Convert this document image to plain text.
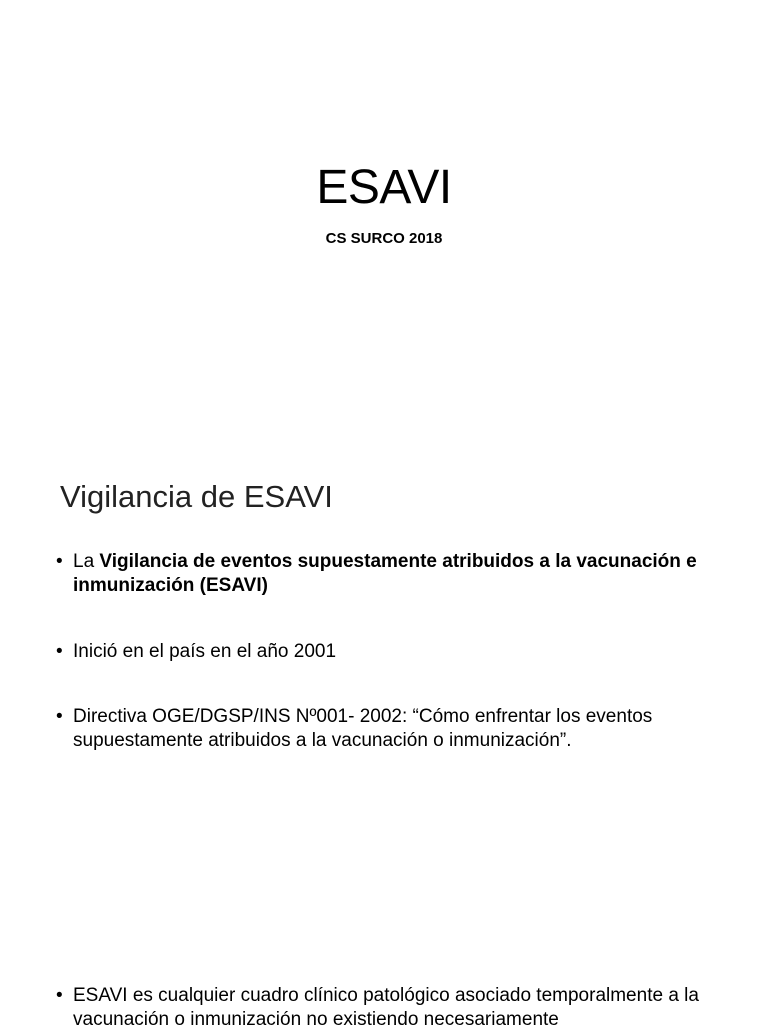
ESAVI
CS SURCO 2018
Vigilancia de ESAVI
• La Vigilancia de eventos supuestamente atribuidos a la vacunación e inmunización (ESAVI)
• Inició en el país en el año 2001
• Directiva OGE/DGSP/INS Nº001- 2002: “Cómo enfrentar los eventos supuestamente atribuidos a la vacunación o inmunización”.
• ESAVI es cualquier cuadro clínico patológico asociado temporalmente a la vacunación o inmunización no existiendo necesariamente
